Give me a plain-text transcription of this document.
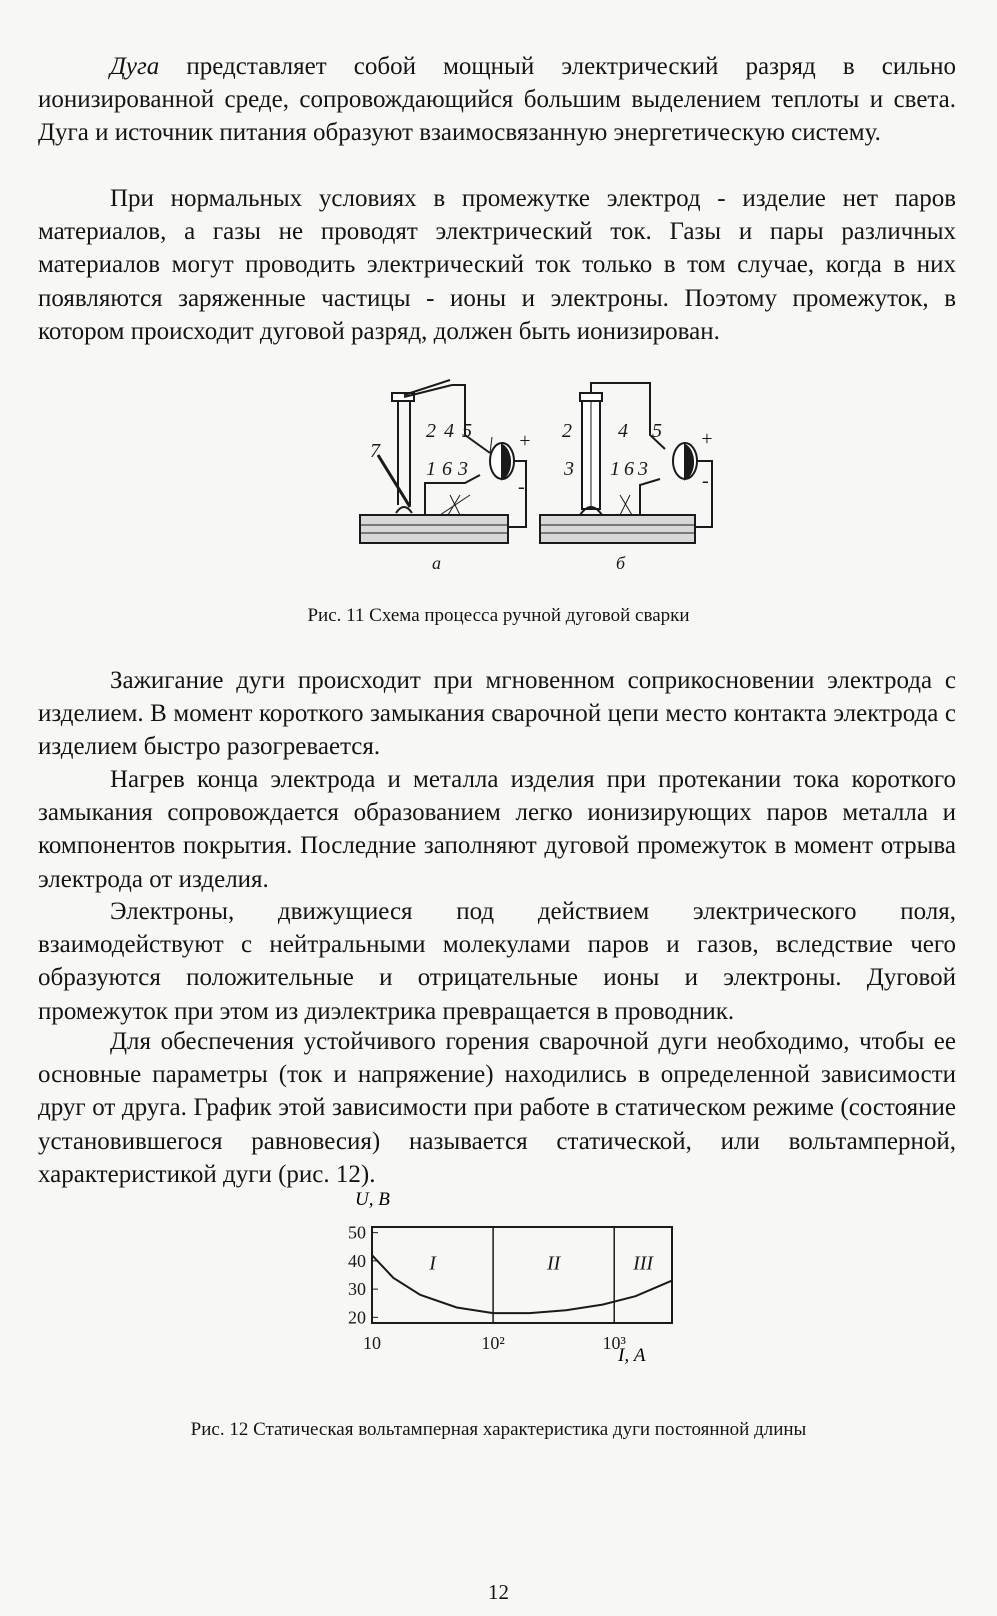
Дуга представляет собой мощный электрический разряд в сильно ионизированной среде, сопровождающийся большим выделением теплоты и света. Дуга и источник питания образуют взаимосвязанную энергетическую систему.

При нормальных условиях в промежутке электрод - изделие нет паров материалов, а газы не проводят электрический ток. Газы и пары различных материалов могут проводить электрический ток только в том случае, когда в них появляются заряженные частицы - ионы и электроны. Поэтому промежуток, в котором происходит дуговой разряд, должен быть ионизирован.

7
2 4 5
1 6 3
+
-
2 4 5
3 1 6 3
+
-
а	б
Рис. 11 Схема процесса ручной дуговой сварки

Зажигание дуги происходит при мгновенном соприкосновении электрода с изделием. В момент короткого замыкания сварочной цепи место контакта электрода с изделием быстро разогревается.

Нагрев конца электрода и металла изделия при протекании тока короткого замыкания сопровождается образованием легко ионизирующих паров металла и компонентов покрытия. Последние заполняют дуговой промежуток в момент отрыва электрода от изделия.

Электроны, движущиеся под действием электрического поля, взаимодействуют с нейтральными молекулами паров и газов, вследствие чего образуются положительные и отрицательные ионы и электроны. Дуговой промежуток при этом из диэлектрика превращается в проводник.

Для обеспечения устойчивого горения сварочной дуги необходимо, чтобы ее основные параметры (ток и напряжение) находились в определенной зависимости друг от друга. График этой зависимости при работе в статическом режиме (состояние установившегося равновесия) называется статической, или вольтамперной, характеристикой дуги (рис. 12).

U, В
I, А
20
30
40
50
10	10²	10³
I	II	III
Рис. 12 Статическая вольтамперная характеристика дуги постоянной длины
12
